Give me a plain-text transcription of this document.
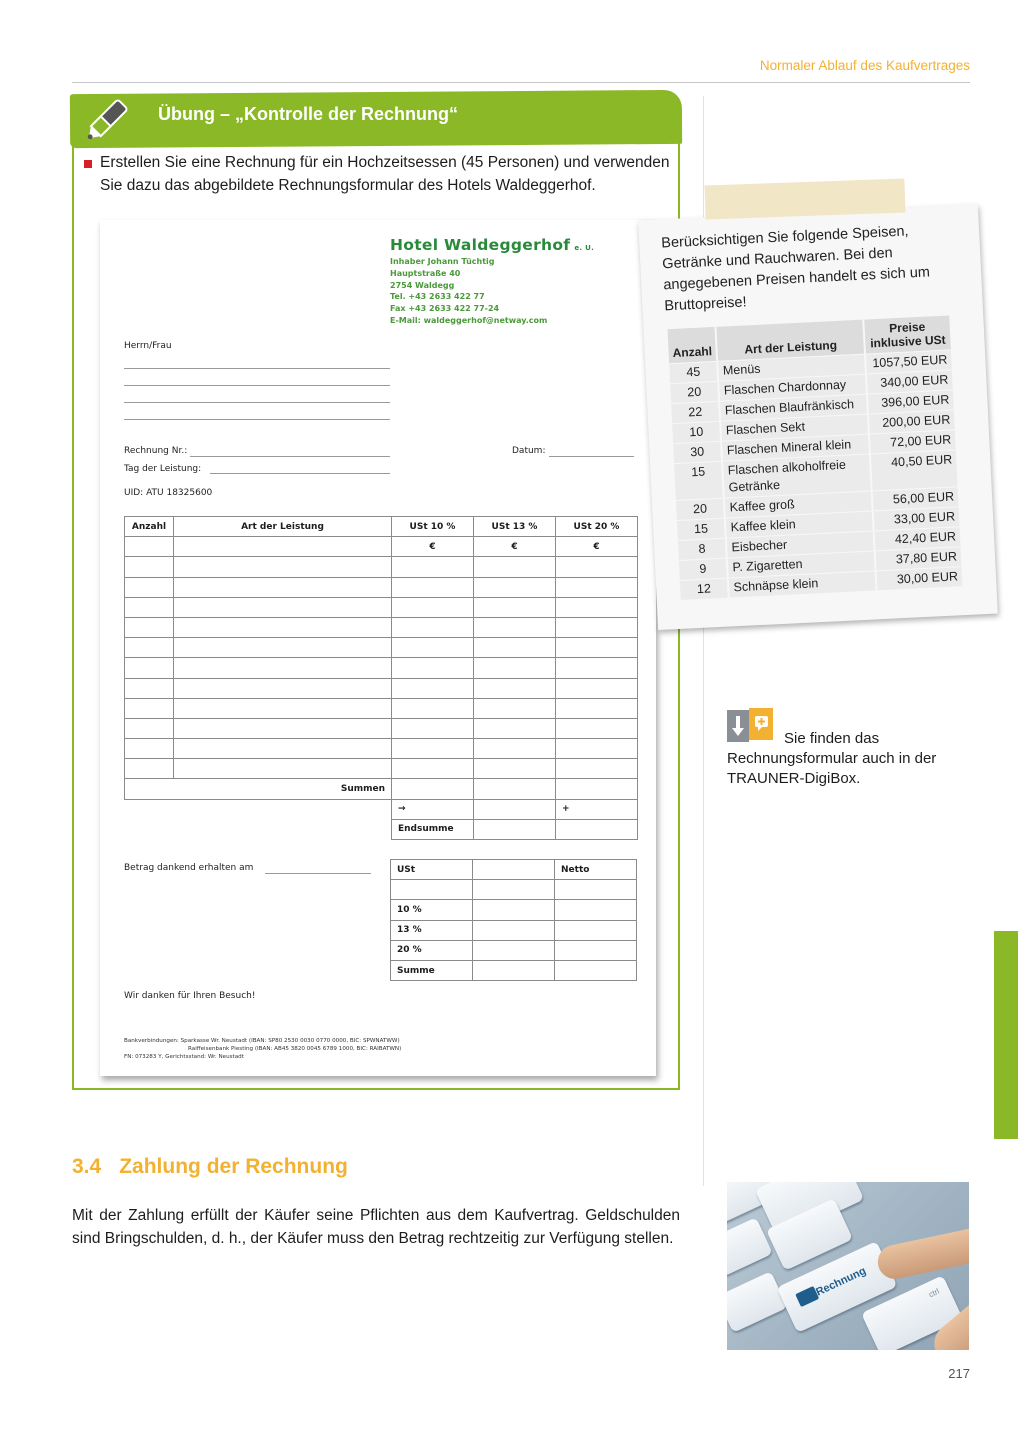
Normaler Ablauf des Kaufvertrages
Übung – „Kontrolle der Rechnung“
Erstellen Sie eine Rechnung für ein Hochzeitsessen (45 Personen) und verwenden Sie dazu das abgebildete Rechnungsformular des Hotels Waldeggerhof.
Hotel Waldeggerhof e. U.
Inhaber Johann Tüchtig
Hauptstraße 40
2754 Waldegg
Tel. +43 2633 422 77
Fax +43 2633 422 77-24
E-Mail: waldeggerhof@netway.com
Herrn/Frau
Rechnung Nr.:	Datum:
Tag der Leistung:
UID: ATU 18325600
Anzahl	Art der Leistung	USt 10 %	USt 13 %	USt 20 %
		€	€	€

Summen				
		→		+
		Endsumme		
Betrag dankend erhalten am	USt		Netto

10 %		
13 %		
20 %		
Summe		
Wir danken für Ihren Besuch!
Bankverbindungen: Sparkasse Wr. Neustadt (IBAN: SP80 2530 0030 0770 0000, BIC: SPWNATWW)
Raiffeisenbank Piesting (IBAN: AB45 3820 0045 6789 1000, BIC: RAIBATWN)
FN: 073283 Y, Gerichtsstand: Wr. Neustadt
Berücksichtigen Sie folgende Speisen, Getränke und Rauchwaren. Bei den angegebenen Preisen handelt es sich um Bruttopreise!
Anzahl	Art der Leistung	Preise inklusive USt
45	Menüs	1057,50 EUR
20	Flaschen Chardonnay	340,00 EUR
22	Flaschen Blaufränkisch	396,00 EUR
10	Flaschen Sekt	200,00 EUR
30	Flaschen Mineral klein	72,00 EUR
15	Flaschen alkoholfreie Getränke	40,50 EUR
20	Kaffee groß	56,00 EUR
15	Kaffee klein	33,00 EUR
8	Eisbecher	42,40 EUR
9	P. Zigaretten	37,80 EUR
12	Schnäpse klein	30,00 EUR
Sie finden das Rechnungsformular auch in der TRAUNER-DigiBox.
3.4 Zahlung der Rechnung
Mit der Zahlung erfüllt der Käufer seine Pflichten aus dem Kaufvertrag. Geldschulden sind Bringschulden, d. h., der Käufer muss den Betrag rechtzeitig zur Verfügung stellen.
Rechnung	ctrl
217
